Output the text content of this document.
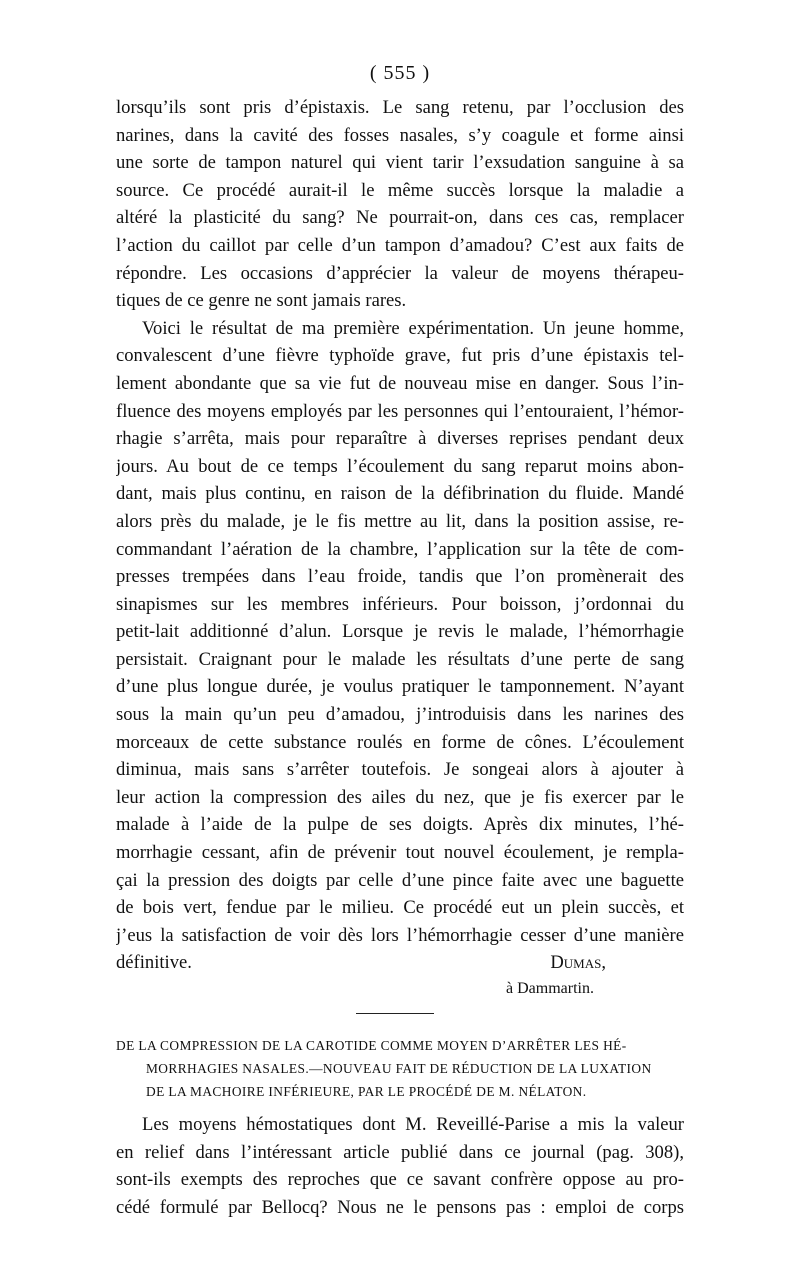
( 555 )
lorsqu’ils sont pris d’épistaxis. Le sang retenu, par l’occlusion des
narines, dans la cavité des fosses nasales, s’y coagule et forme ainsi
une sorte de tampon naturel qui vient tarir l’exsudation sanguine à sa
source. Ce procédé aurait-il le même succès lorsque la maladie a
altéré la plasticité du sang? Ne pourrait-on, dans ces cas, remplacer
l’action du caillot par celle d’un tampon d’amadou? C’est aux faits de
répondre. Les occasions d’apprécier la valeur de moyens thérapeu-
tiques de ce genre ne sont jamais rares.
Voici le résultat de ma première expérimentation. Un jeune homme,
convalescent d’une fièvre typhoïde grave, fut pris d’une épistaxis tel-
lement abondante que sa vie fut de nouveau mise en danger. Sous l’in-
fluence des moyens employés par les personnes qui l’entouraient, l’hémor-
rhagie s’arrêta, mais pour reparaître à diverses reprises pendant deux
jours. Au bout de ce temps l’écoulement du sang reparut moins abon-
dant, mais plus continu, en raison de la défibrination du fluide. Mandé
alors près du malade, je le fis mettre au lit, dans la position assise, re-
commandant l’aération de la chambre, l’application sur la tête de com-
presses trempées dans l’eau froide, tandis que l’on promènerait des
sinapismes sur les membres inférieurs. Pour boisson, j’ordonnai du
petit-lait additionné d’alun. Lorsque je revis le malade, l’hémorrhagie
persistait. Craignant pour le malade les résultats d’une perte de sang
d’une plus longue durée, je voulus pratiquer le tamponnement. N’ayant
sous la main qu’un peu d’amadou, j’introduisis dans les narines des
morceaux de cette substance roulés en forme de cônes. L’écoulement
diminua, mais sans s’arrêter toutefois. Je songeai alors à ajouter à
leur action la compression des ailes du nez, que je fis exercer par le
malade à l’aide de la pulpe de ses doigts. Après dix minutes, l’hé-
morrhagie cessant, afin de prévenir tout nouvel écoulement, je rempla-
çai la pression des doigts par celle d’une pince faite avec une baguette
de bois vert, fendue par le milieu. Ce procédé eut un plein succès, et
j’eus la satisfaction de voir dès lors l’hémorrhagie cesser d’une manière
définitive.	Dumas,
à Dammartin.
DE LA COMPRESSION DE LA CAROTIDE COMME MOYEN D’ARRÊTER LES HÉ-
MORRHAGIES NASALES.—NOUVEAU FAIT DE RÉDUCTION DE LA LUXATION
DE LA MACHOIRE INFÉRIEURE, PAR LE PROCÉDÉ DE M. NÉLATON.
Les moyens hémostatiques dont M. Reveillé-Parise a mis la valeur
en relief dans l’intéressant article publié dans ce journal (pag. 308),
sont-ils exempts des reproches que ce savant confrère oppose au pro-
cédé formulé par Bellocq? Nous ne le pensons pas : emploi de corps
